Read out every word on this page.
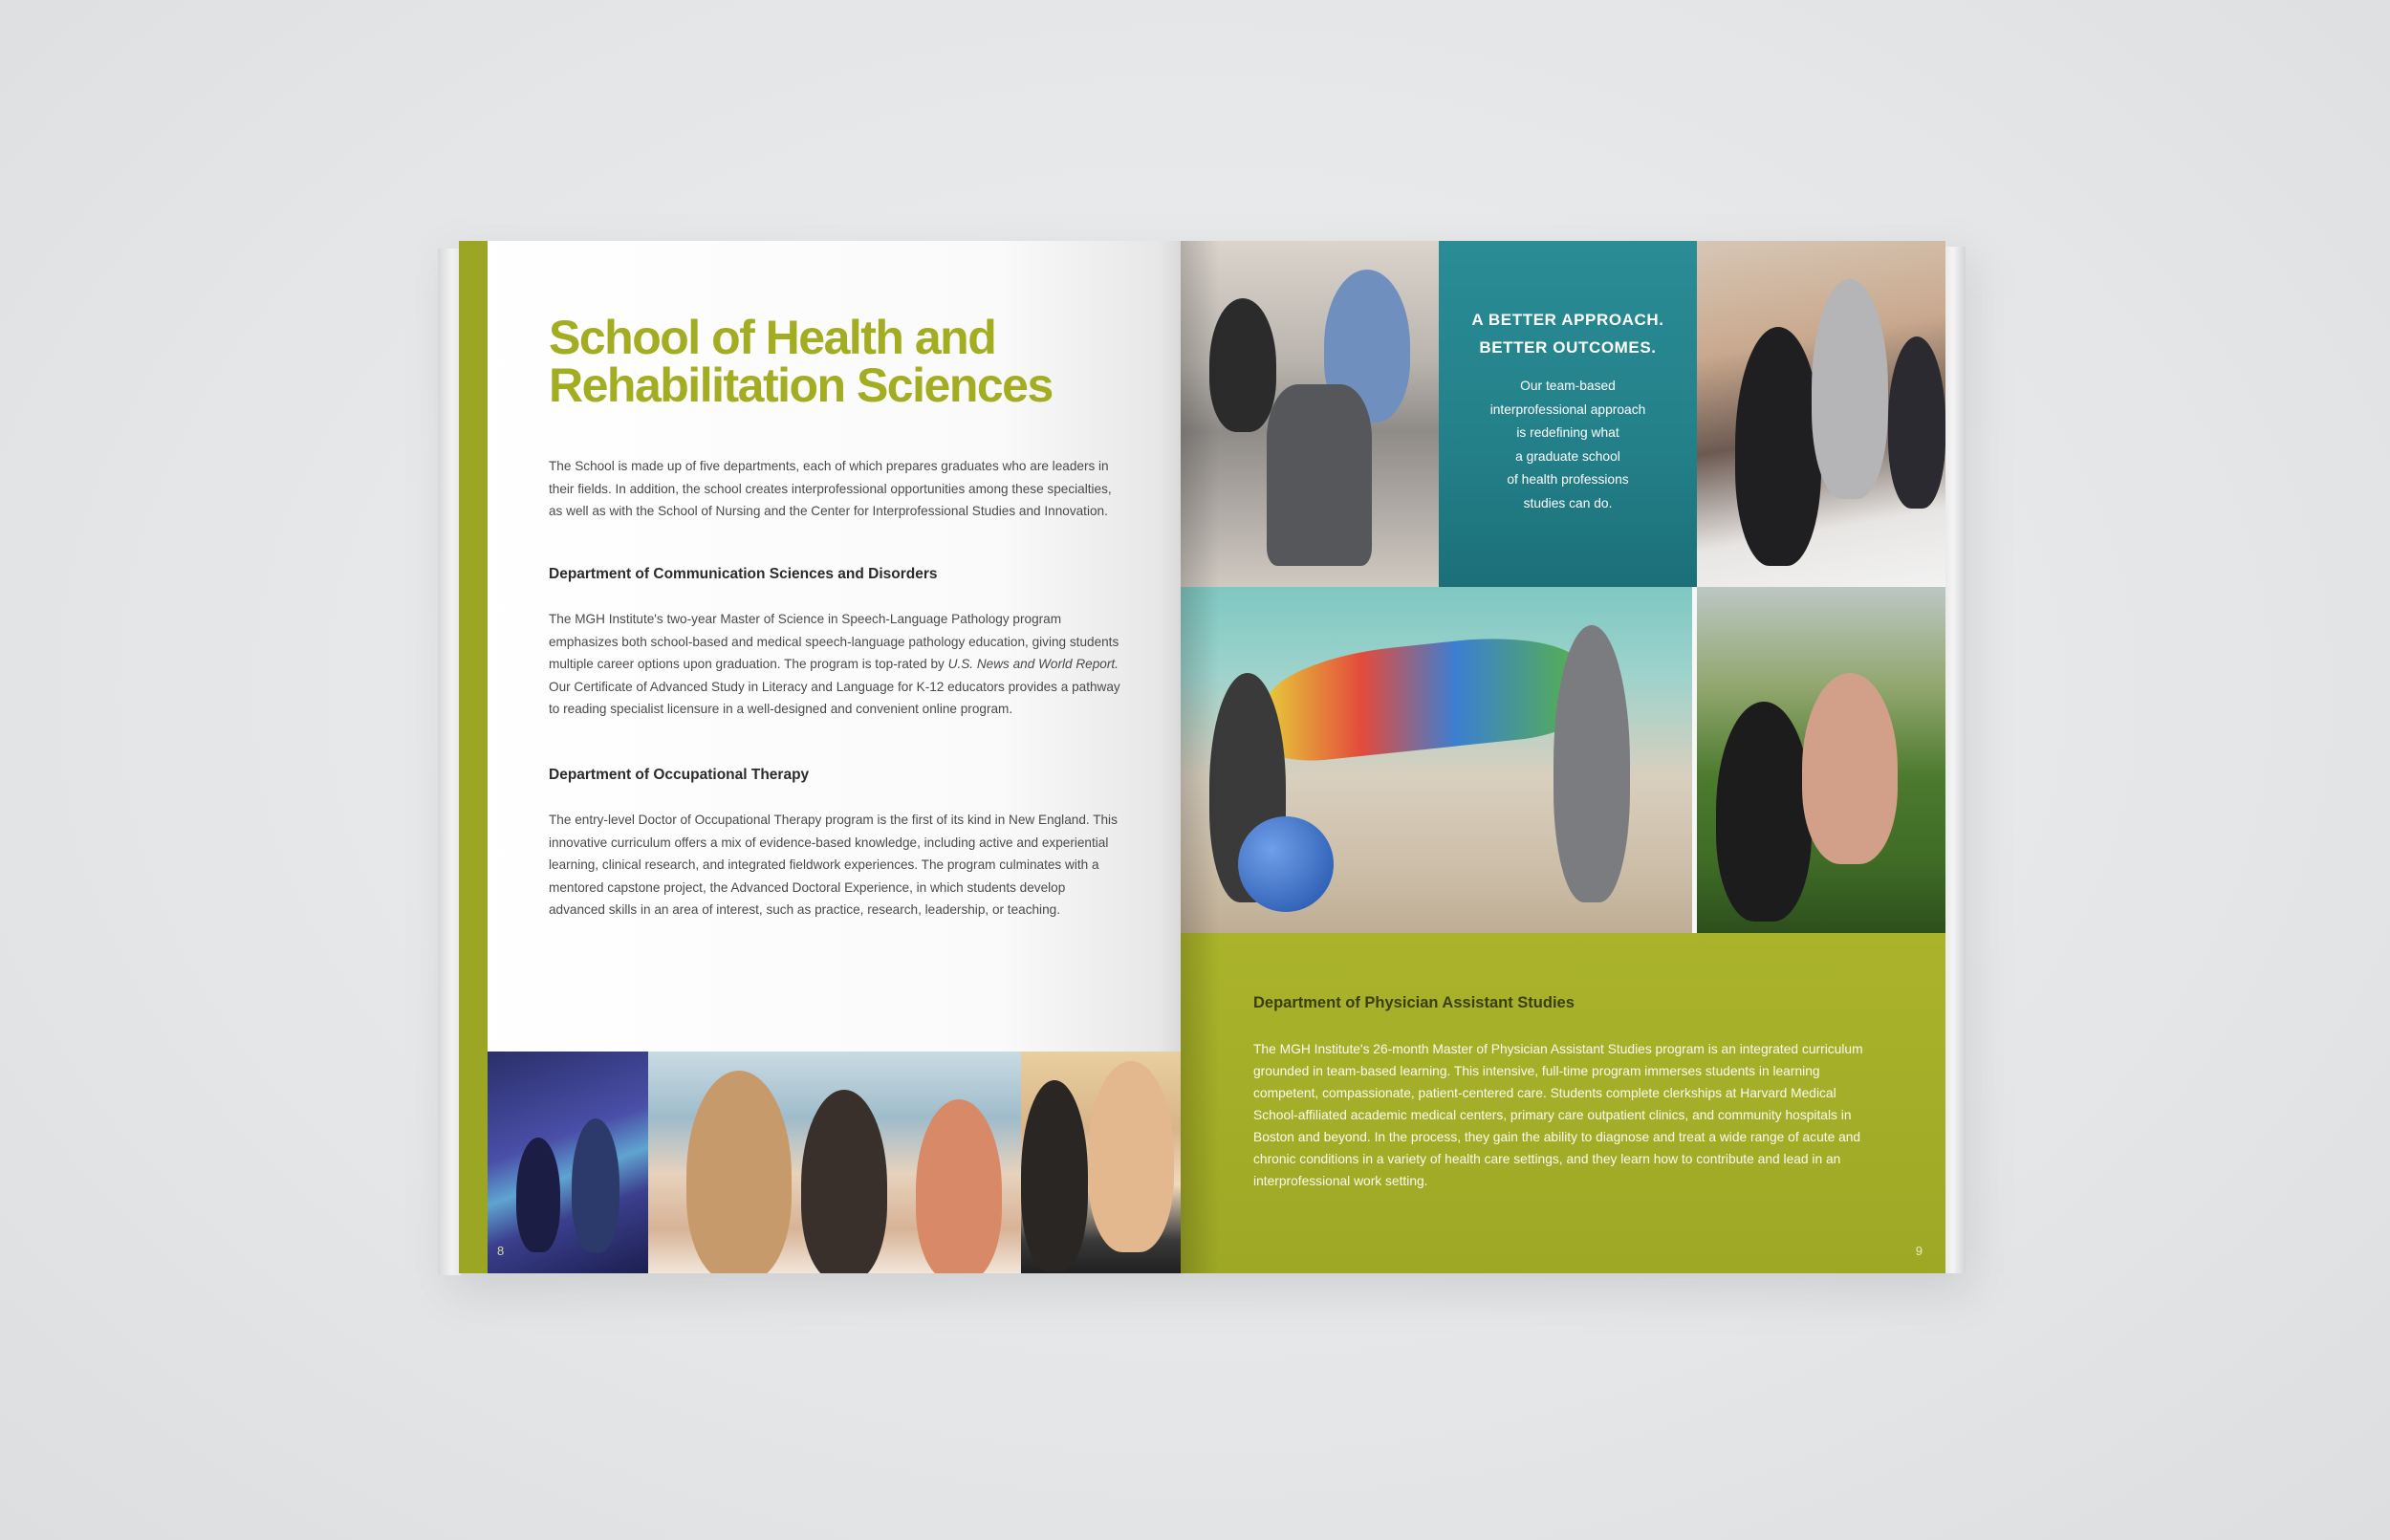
School of Health and
Rehabilitation Sciences

The School is made up of five departments, each of which prepares graduates who are leaders in their fields. In addition, the school creates interprofessional opportunities among these specialties, as well as with the School of Nursing and the Center for Interprofessional Studies and Innovation.

Department of Communication Sciences and Disorders

The MGH Institute's two-year Master of Science in Speech-Language Pathology program emphasizes both school-based and medical speech-language pathology education, giving students multiple career options upon graduation. The program is top-rated by U.S. News and World Report. Our Certificate of Advanced Study in Literacy and Language for K-12 educators provides a pathway to reading specialist licensure in a well-designed and convenient online program.

Department of Occupational Therapy

The entry-level Doctor of Occupational Therapy program is the first of its kind in New England. This innovative curriculum offers a mix of evidence-based knowledge, including active and experiential learning, clinical research, and integrated fieldwork experiences. The program culminates with a mentored capstone project, the Advanced Doctoral Experience, in which students develop advanced skills in an area of interest, such as practice, research, leadership, or teaching.

8
A BETTER APPROACH.
BETTER OUTCOMES.

Our team-based
interprofessional approach
is redefining what
a graduate school
of health professions
studies can do.

Department of Physician Assistant Studies

The MGH Institute's 26-month Master of Physician Assistant Studies program is an integrated curriculum grounded in team-based learning. This intensive, full-time program immerses students in learning competent, compassionate, patient-centered care. Students complete clerkships at Harvard Medical School-affiliated academic medical centers, primary care outpatient clinics, and community hospitals in Boston and beyond. In the process, they gain the ability to diagnose and treat a wide range of acute and chronic conditions in a variety of health care settings, and they learn how to contribute and lead in an interprofessional work setting.

9
